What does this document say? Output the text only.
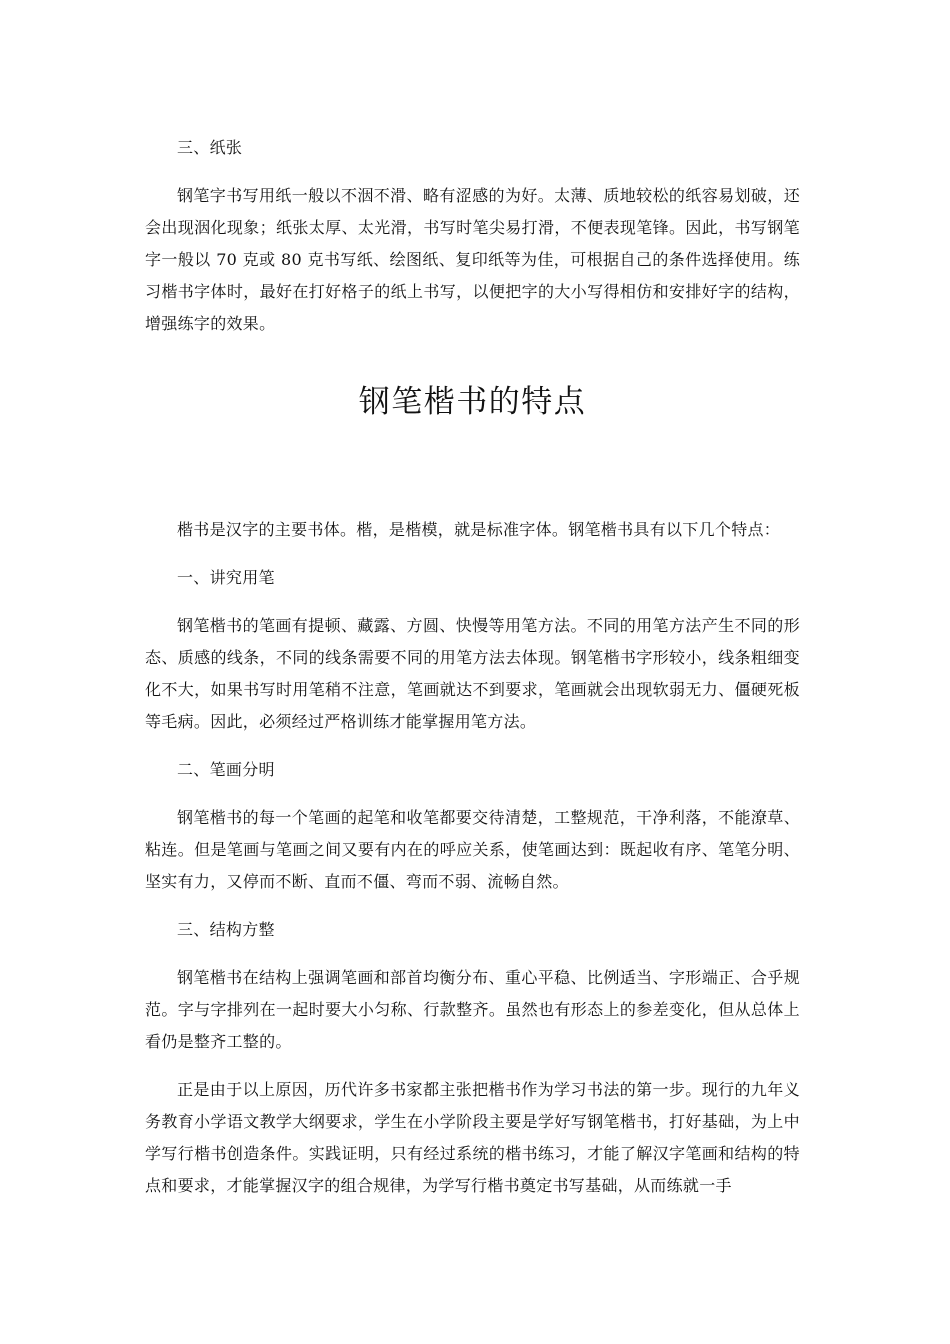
三、纸张

钢笔字书写用纸一般以不洇不滑、略有涩感的为好。太薄、质地较松的纸容易划破，还会出现洇化现象；纸张太厚、太光滑，书写时笔尖易打滑，不便表现笔锋。因此，书写钢笔字一般以 70 克或 80 克书写纸、绘图纸、复印纸等为佳，可根据自己的条件选择使用。练习楷书字体时，最好在打好格子的纸上书写，以便把字的大小写得相仿和安排好字的结构，增强练字的效果。

钢笔楷书的特点

楷书是汉字的主要书体。楷，是楷模，就是标准字体。钢笔楷书具有以下几个特点：

一、讲究用笔

钢笔楷书的笔画有提顿、藏露、方圆、快慢等用笔方法。不同的用笔方法产生不同的形态、质感的线条，不同的线条需要不同的用笔方法去体现。钢笔楷书字形较小，线条粗细变化不大，如果书写时用笔稍不注意，笔画就达不到要求，笔画就会出现软弱无力、僵硬死板等毛病。因此，必须经过严格训练才能掌握用笔方法。

二、笔画分明

钢笔楷书的每一个笔画的起笔和收笔都要交待清楚，工整规范，干净利落，不能潦草、粘连。但是笔画与笔画之间又要有内在的呼应关系，使笔画达到：既起收有序、笔笔分明、坚实有力，又停而不断、直而不僵、弯而不弱、流畅自然。

三、结构方整

钢笔楷书在结构上强调笔画和部首均衡分布、重心平稳、比例适当、字形端正、合乎规范。字与字排列在一起时要大小匀称、行款整齐。虽然也有形态上的参差变化，但从总体上看仍是整齐工整的。

正是由于以上原因，历代许多书家都主张把楷书作为学习书法的第一步。现行的九年义务教育小学语文教学大纲要求，学生在小学阶段主要是学好写钢笔楷书，打好基础，为上中学写行楷书创造条件。实践证明，只有经过系统的楷书练习，才能了解汉字笔画和结构的特点和要求，才能掌握汉字的组合规律，为学写行楷书奠定书写基础，从而练就一手
